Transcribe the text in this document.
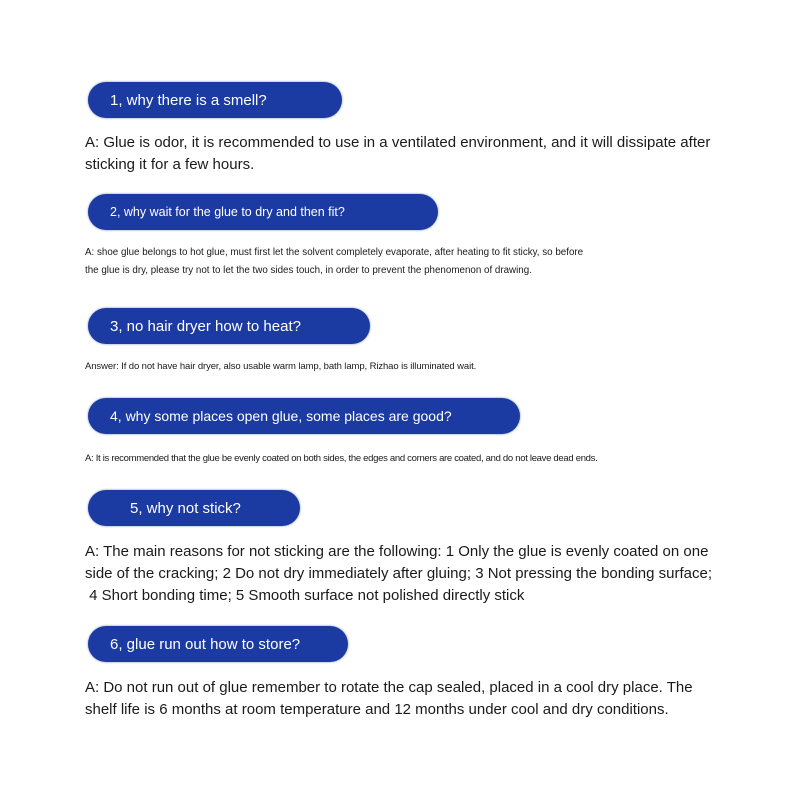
1, why there is a smell?
A: Glue is odor, it is recommended to use in a ventilated environment, and it will dissipate after
sticking it for a few hours.
2, why wait for the glue to dry and then fit?
A: shoe glue belongs to hot glue, must first let the solvent completely evaporate, after heating to fit sticky, so before
the glue is dry, please try not to let the two sides touch, in order to prevent the phenomenon of drawing.
3, no hair dryer how to heat?
Answer: If do not have hair dryer, also usable warm lamp, bath lamp, Rizhao is illuminated wait.
4, why some places open glue, some places are good?
A: It is recommended that the glue be evenly coated on both sides, the edges and corners are coated, and do not leave dead ends.
5, why not stick?
A: The main reasons for not sticking are the following: 1 Only the glue is evenly coated on one
side of the cracking; 2 Do not dry immediately after gluing; 3 Not pressing the bonding surface;
4 Short bonding time; 5 Smooth surface not polished directly stick
6, glue run out how to store?
A: Do not run out of glue remember to rotate the cap sealed, placed in a cool dry place. The
shelf life is 6 months at room temperature and 12 months under cool and dry conditions.
